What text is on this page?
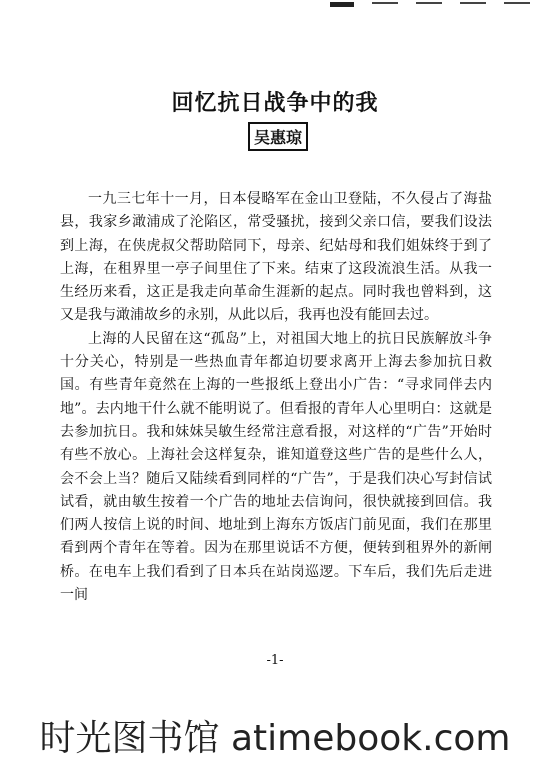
回忆抗日战争中的我
吴惠琼

一九三七年十一月，日本侵略军在金山卫登陆，不久侵占了海盐县，我家乡澉浦成了沦陷区，常受骚扰，接到父亲口信，要我们设法到上海，在侠虎叔父帮助陪同下，母亲、纪姑母和我们姐妹终于到了上海，在租界里一亭子间里住了下来。结束了这段流浪生活。从我一生经历来看，这正是我走向革命生涯新的起点。同时我也曾料到，这又是我与澉浦故乡的永别，从此以后，我再也没有能回去过。

上海的人民留在这“孤岛”上，对祖国大地上的抗日民族解放斗争十分关心，特别是一些热血青年都迫切要求离开上海去参加抗日救国。有些青年竟然在上海的一些报纸上登出小广告：“寻求同伴去内地”。去内地干什么就不能明说了。但看报的青年人心里明白：这就是去参加抗日。我和妹妹吴敏生经常注意看报，对这样的“广告”开始时有些不放心。上海社会这样复杂，谁知道登这些广告的是些什么人，会不会上当？随后又陆续看到同样的“广告”，于是我们决心写封信试试看，就由敏生按着一个广告的地址去信询问，很快就接到回信。我们两人按信上说的时间、地址到上海东方饭店门前见面，我们在那里看到两个青年在等着。因为在那里说话不方便，便转到租界外的新闸桥。在电车上我们看到了日本兵在站岗巡逻。下车后，我们先后走进一间

-1-
时光图书馆 atimebook.com
